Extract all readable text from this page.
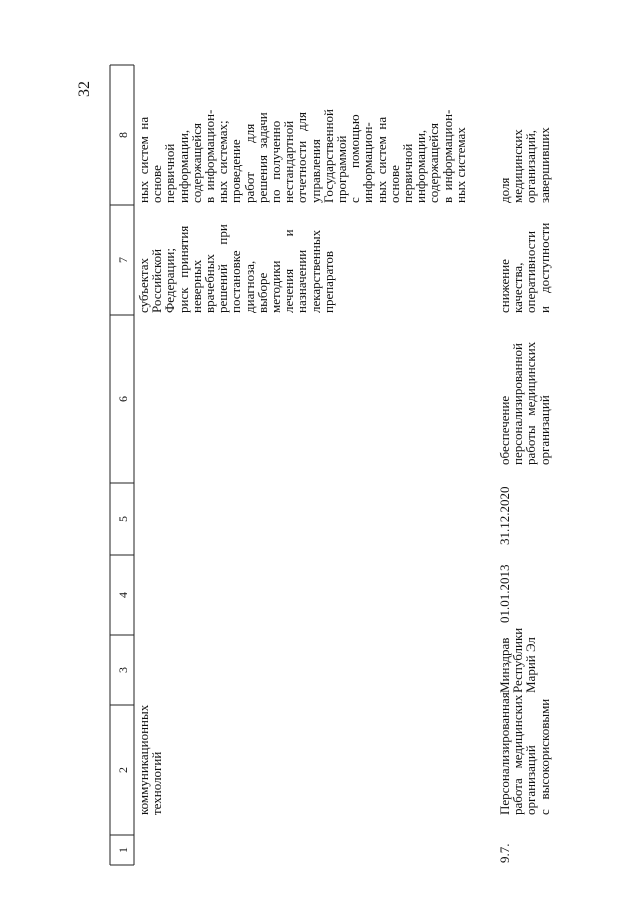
32
1
2
3
4
5
6
7
8
коммуникационных
технологий
субъектах
Российской
Федерации;
риск   принятия
неверных
врачебных
решений      при
постановке
диагноза,
выборе
методики
лечения          и
назначении
лекарственных
препаратов
ных  систем  на
основе
первичной
информации,
содержащейся
в  информацион-
ных  системах;
проведение
работ         для
решения  задачи
по   полученно
нестандартной
отчетности   для
управления
Государственной
программой
с         помощью
информацион-
ных  систем  на
основе
первичной
информации,
содержащейся
в  информацион-
ных системах
9.7.
Персонализированная
работа   медицинских
организаций
с   высокорисковыми
Минздрав
Республики
Марий Эл
01.01.2013
31.12.2020
обеспечение
персонализированной
работы   медицинских
организаций
снижение
качества,
оперативности
и    доступности
доля
медицинских
организаций,
завершивших
